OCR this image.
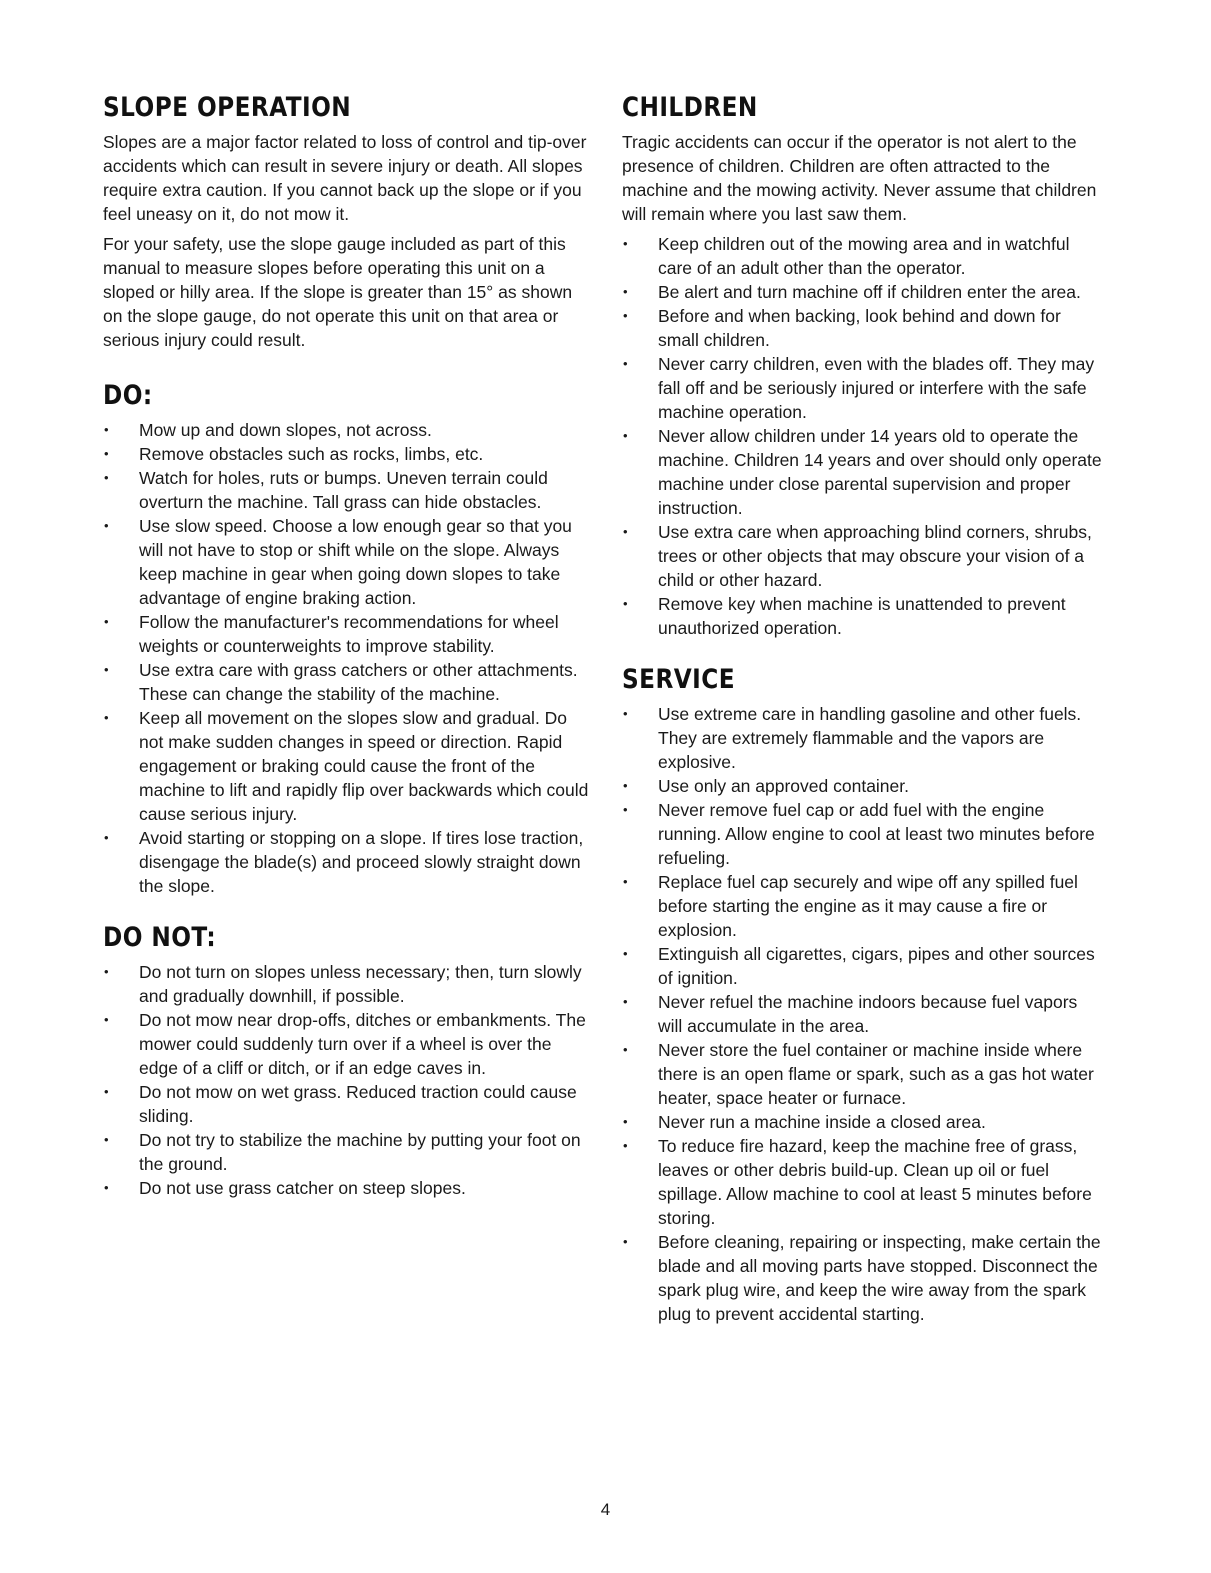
SLOPE OPERATION

Slopes are a major factor related to loss of control and tip-over accidents which can result in severe injury or death. All slopes require extra caution. If you cannot back up the slope or if you feel uneasy on it, do not mow it.

For your safety, use the slope gauge included as part of this manual to measure slopes before operating this unit on a sloped or hilly area. If the slope is greater than 15° as shown on the slope gauge, do not operate this unit on that area or serious injury could result.

DO:
• Mow up and down slopes, not across.
• Remove obstacles such as rocks, limbs, etc.
• Watch for holes, ruts or bumps. Uneven terrain could overturn the machine. Tall grass can hide obstacles.
• Use slow speed. Choose a low enough gear so that you will not have to stop or shift while on the slope. Always keep machine in gear when going down slopes to take advantage of engine braking action.
• Follow the manufacturer's recommendations for wheel weights or counterweights to improve stability.
• Use extra care with grass catchers or other attachments. These can change the stability of the machine.
• Keep all movement on the slopes slow and gradual. Do not make sudden changes in speed or direction. Rapid engagement or braking could cause the front of the machine to lift and rapidly flip over backwards which could cause serious injury.
• Avoid starting or stopping on a slope. If tires lose traction, disengage the blade(s) and proceed slowly straight down the slope.
DO NOT:
• Do not turn on slopes unless necessary; then, turn slowly and gradually downhill, if possible.
• Do not mow near drop-offs, ditches or embankments. The mower could suddenly turn over if a wheel is over the edge of a cliff or ditch, or if an edge caves in.
• Do not mow on wet grass. Reduced traction could cause sliding.
• Do not try to stabilize the machine by putting your foot on the ground.
• Do not use grass catcher on steep slopes.
CHILDREN

Tragic accidents can occur if the operator is not alert to the presence of children. Children are often attracted to the machine and the mowing activity. Never assume that children will remain where you last saw them.

• Keep children out of the mowing area and in watchful care of an adult other than the operator.
• Be alert and turn machine off if children enter the area.
• Before and when backing, look behind and down for small children.
• Never carry children, even with the blades off. They may fall off and be seriously injured or interfere with the safe machine operation.
• Never allow children under 14 years old to operate the machine. Children 14 years and over should only operate machine under close parental supervision and proper instruction.
• Use extra care when approaching blind corners, shrubs, trees or other objects that may obscure your vision of a child or other hazard.
• Remove key when machine is unattended to prevent unauthorized operation.
SERVICE
• Use extreme care in handling gasoline and other fuels. They are extremely flammable and the vapors are explosive.
• Use only an approved container.
• Never remove fuel cap or add fuel with the engine running. Allow engine to cool at least two minutes before refueling.
• Replace fuel cap securely and wipe off any spilled fuel before starting the engine as it may cause a fire or explosion.
• Extinguish all cigarettes, cigars, pipes and other sources of ignition.
• Never refuel the machine indoors because fuel vapors will accumulate in the area.
• Never store the fuel container or machine inside where there is an open flame or spark, such as a gas hot water heater, space heater or furnace.
• Never run a machine inside a closed area.
• To reduce fire hazard, keep the machine free of grass, leaves or other debris build-up. Clean up oil or fuel spillage. Allow machine to cool at least 5 minutes before storing.
• Before cleaning, repairing or inspecting, make certain the blade and all moving parts have stopped. Disconnect the spark plug wire, and keep the wire away from the spark plug to prevent accidental starting.
4
